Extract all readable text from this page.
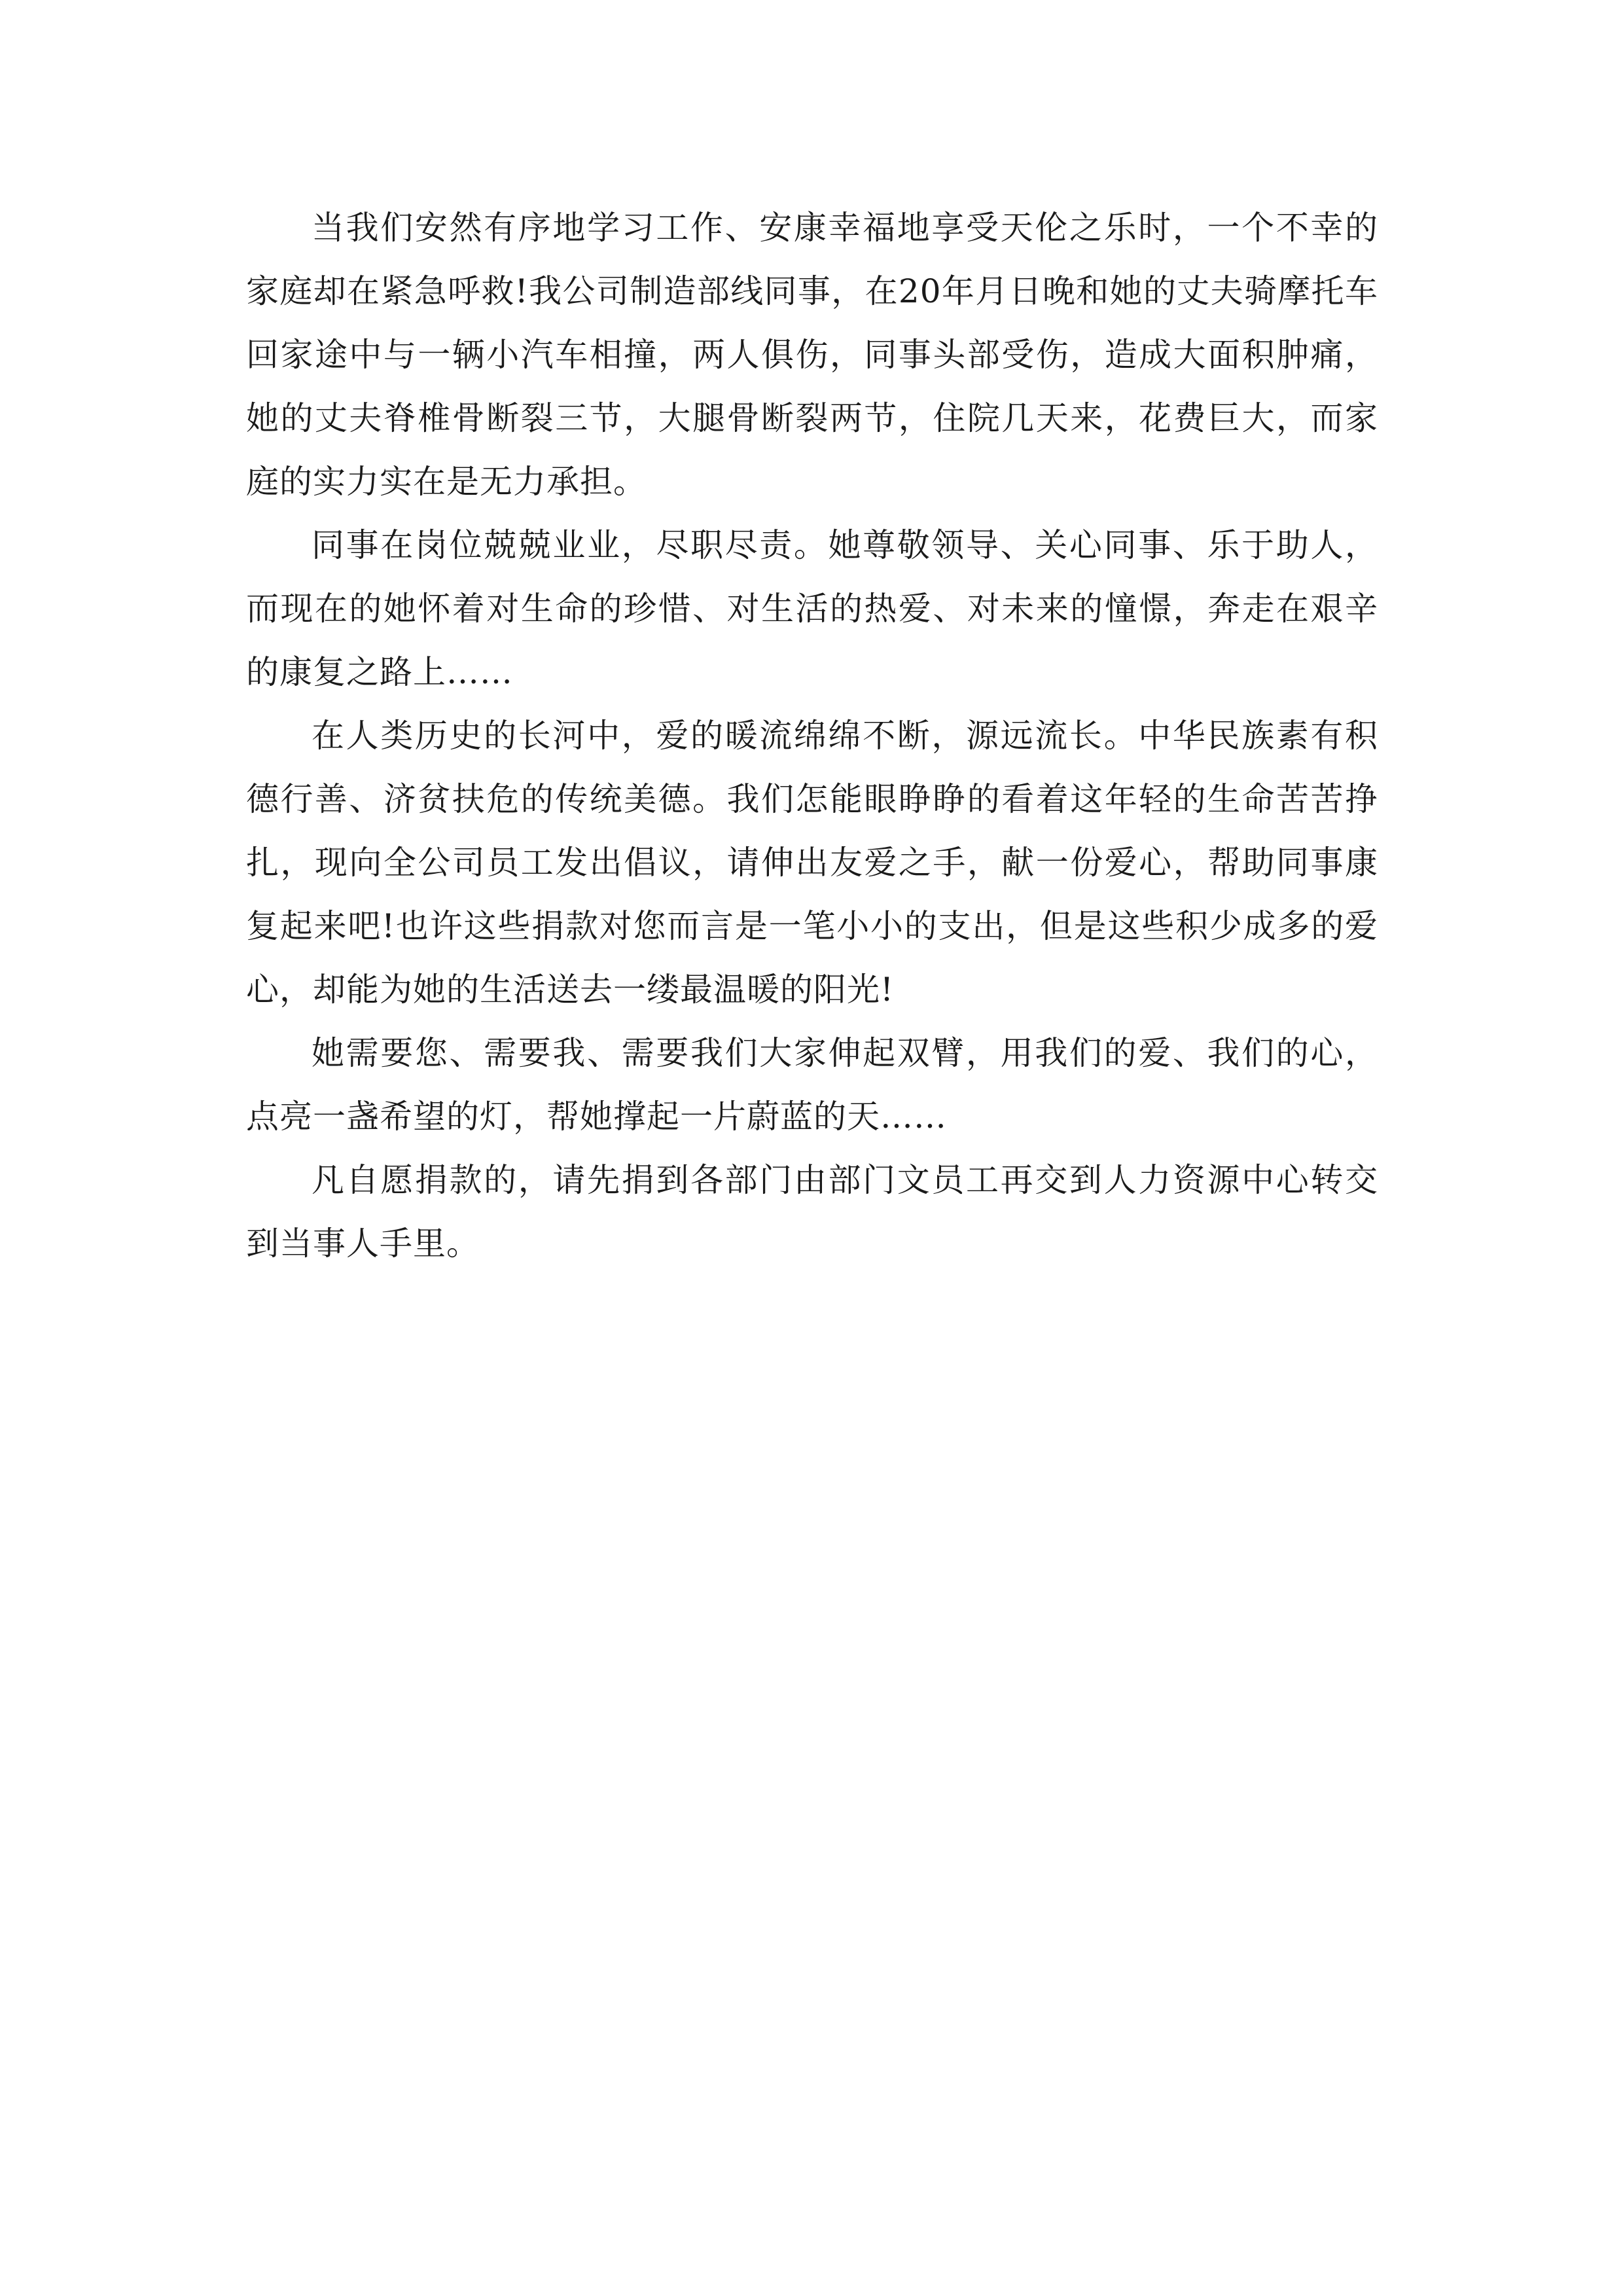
当我们安然有序地学习工作、安康幸福地享受天伦之乐时，一个不幸的家庭却在紧急呼救!我公司制造部线同事，在20年月日晚和她的丈夫骑摩托车回家途中与一辆小汽车相撞，两人俱伤，同事头部受伤，造成大面积肿痛，她的丈夫脊椎骨断裂三节，大腿骨断裂两节，住院几天来，花费巨大，而家庭的实力实在是无力承担。

同事在岗位兢兢业业，尽职尽责。她尊敬领导、关心同事、乐于助人，而现在的她怀着对生命的珍惜、对生活的热爱、对未来的憧憬，奔走在艰辛的康复之路上……

在人类历史的长河中，爱的暖流绵绵不断，源远流长。中华民族素有积德行善、济贫扶危的传统美德。我们怎能眼睁睁的看着这年轻的生命苦苦挣扎，现向全公司员工发出倡议，请伸出友爱之手，献一份爱心，帮助同事康复起来吧!也许这些捐款对您而言是一笔小小的支出，但是这些积少成多的爱心，却能为她的生活送去一缕最温暖的阳光!

她需要您、需要我、需要我们大家伸起双臂，用我们的爱、我们的心，点亮一盏希望的灯，帮她撑起一片蔚蓝的天……

凡自愿捐款的，请先捐到各部门由部门文员工再交到人力资源中心转交到当事人手里。
